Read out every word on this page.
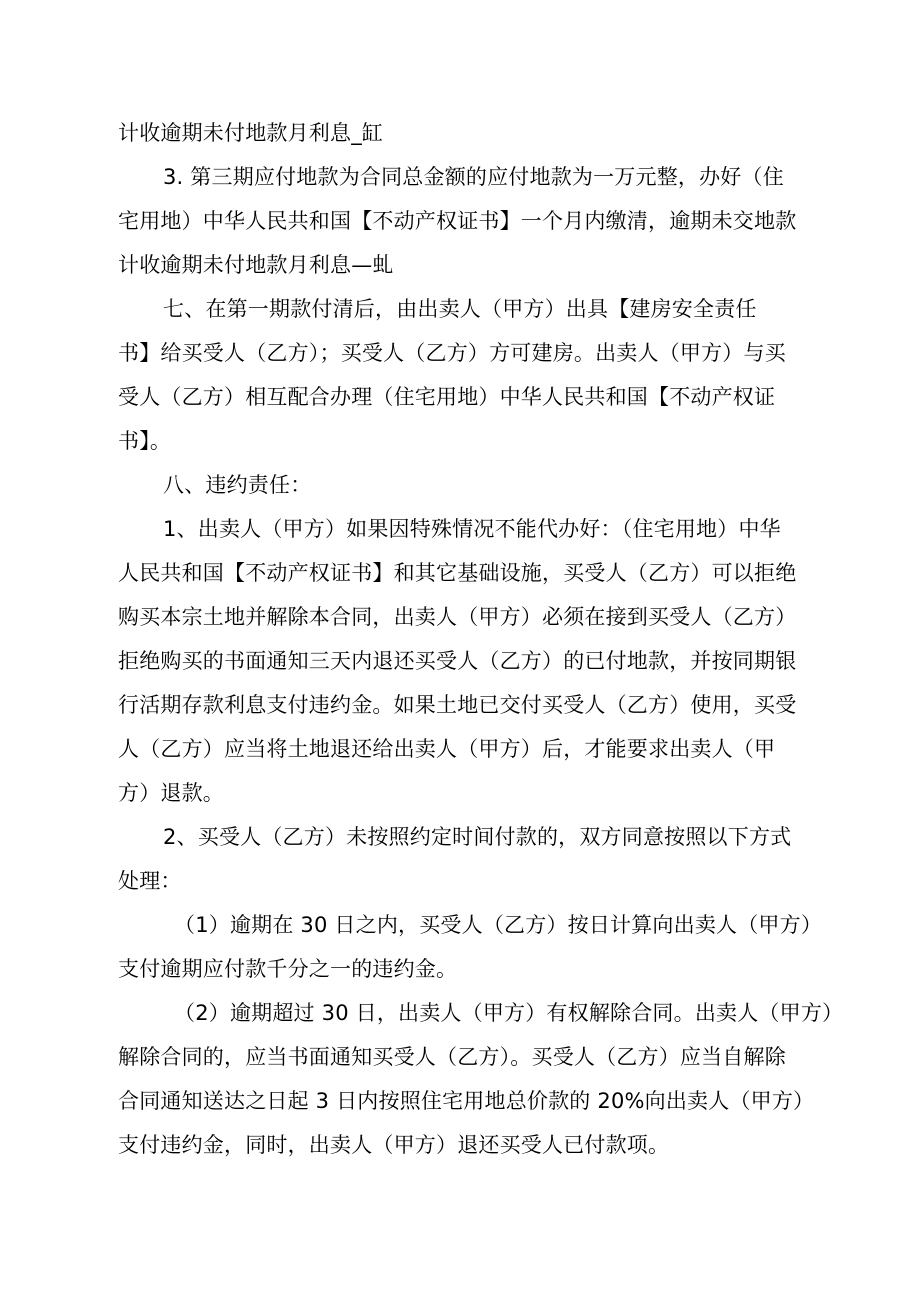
计收逾期未付地款月利息_缸
3. 第三期应付地款为合同总金额的应付地款为一万元整，办好（住
宅用地）中华人民共和国【不动产权证书】一个月内缴清，逾期未交地款
计收逾期未付地款月利息—虬
七、在第一期款付清后，由出卖人（甲方）出具【建房安全责任
书】给买受人（乙方）；买受人（乙方）方可建房。出卖人（甲方）与买
受人（乙方）相互配合办理（住宅用地）中华人民共和国【不动产权证
书】。
八、违约责任：
1、出卖人（甲方）如果因特殊情况不能代办好：（住宅用地）中华
人民共和国【不动产权证书】和其它基础设施，买受人（乙方）可以拒绝
购买本宗土地并解除本合同，出卖人（甲方）必须在接到买受人（乙方）
拒绝购买的书面通知三天内退还买受人（乙方）的已付地款，并按同期银
行活期存款利息支付违约金。如果土地已交付买受人（乙方）使用，买受
人（乙方）应当将土地退还给出卖人（甲方）后，才能要求出卖人（甲
方）退款。
2、买受人（乙方）未按照约定时间付款的，双方同意按照以下方式
处理：
（1）逾期在 30 日之内，买受人（乙方）按日计算向出卖人（甲方）
支付逾期应付款千分之一的违约金。
（2）逾期超过 30 日，出卖人（甲方）有权解除合同。出卖人（甲方）
解除合同的，应当书面通知买受人（乙方）。买受人（乙方）应当自解除
合同通知送达之日起 3 日内按照住宅用地总价款的 20%向出卖人（甲方）
支付违约金，同时，出卖人（甲方）退还买受人已付款项。
